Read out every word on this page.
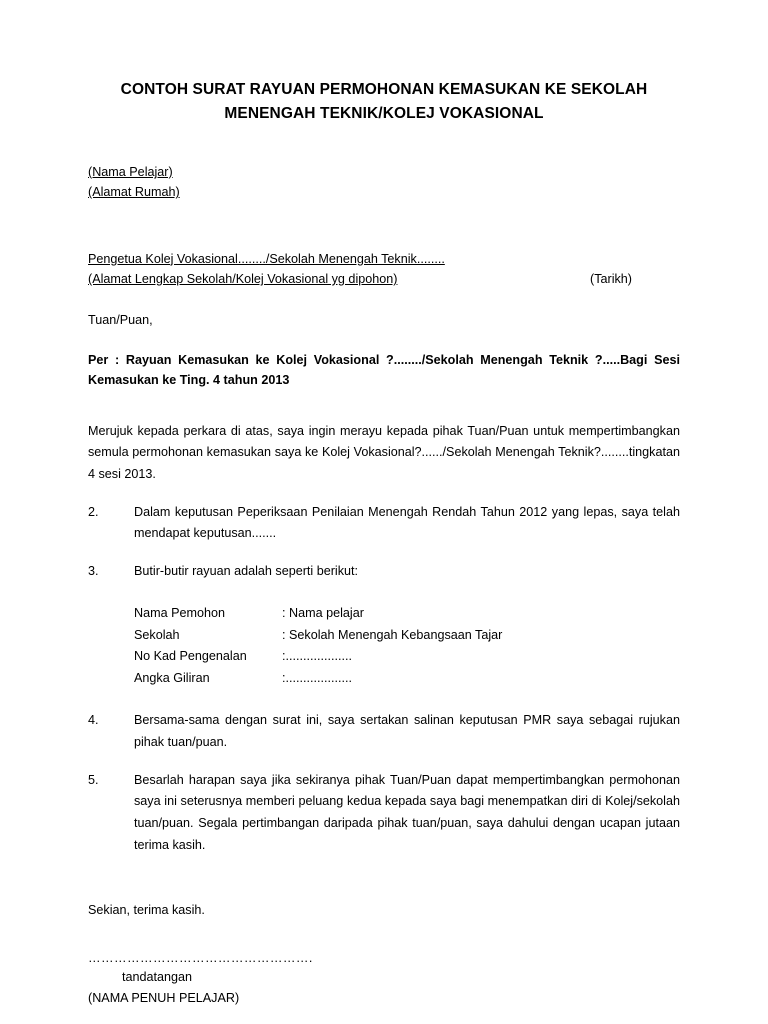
CONTOH SURAT RAYUAN PERMOHONAN KEMASUKAN KE SEKOLAH
MENENGAH TEKNIK/KOLEJ VOKASIONAL
(Nama Pelajar)
(Alamat Rumah)
Pengetua Kolej Vokasional......../Sekolah Menengah Teknik........
(Alamat Lengkap Sekolah/Kolej Vokasional yg dipohon)	(Tarikh)
Tuan/Puan,
Per : Rayuan Kemasukan ke Kolej Vokasional ?......../Sekolah Menengah Teknik ?.....Bagi Sesi Kemasukan ke Ting. 4 tahun 2013

Merujuk kepada perkara di atas, saya ingin merayu kepada pihak Tuan/Puan untuk mempertimbangkan semula permohonan kemasukan saya ke Kolej Vokasional?....../Sekolah Menengah Teknik?........tingkatan 4 sesi 2013.

2.	Dalam keputusan Peperiksaan Penilaian Menengah Rendah Tahun 2012 yang lepas, saya telah mendapat keputusan.......
3.	Butir-butir rayuan adalah seperti berikut:
Nama Pemohon	: Nama pelajar
Sekolah	: Sekolah Menengah Kebangsaan Tajar
No Kad Pengenalan	:...................
Angka Giliran	:...................
4.	Bersama-sama dengan surat ini, saya sertakan salinan keputusan PMR saya sebagai rujukan pihak tuan/puan.
5.	Besarlah harapan saya jika sekiranya pihak Tuan/Puan dapat mempertimbangkan permohonan saya ini seterusnya memberi peluang kedua kepada saya bagi menempatkan diri di Kolej/sekolah tuan/puan. Segala pertimbangan daripada pihak tuan/puan, saya dahului dengan ucapan jutaan terima kasih.
Sekian, terima kasih.
…………………………………………….
tandatangan
(NAMA PENUH PELAJAR)
